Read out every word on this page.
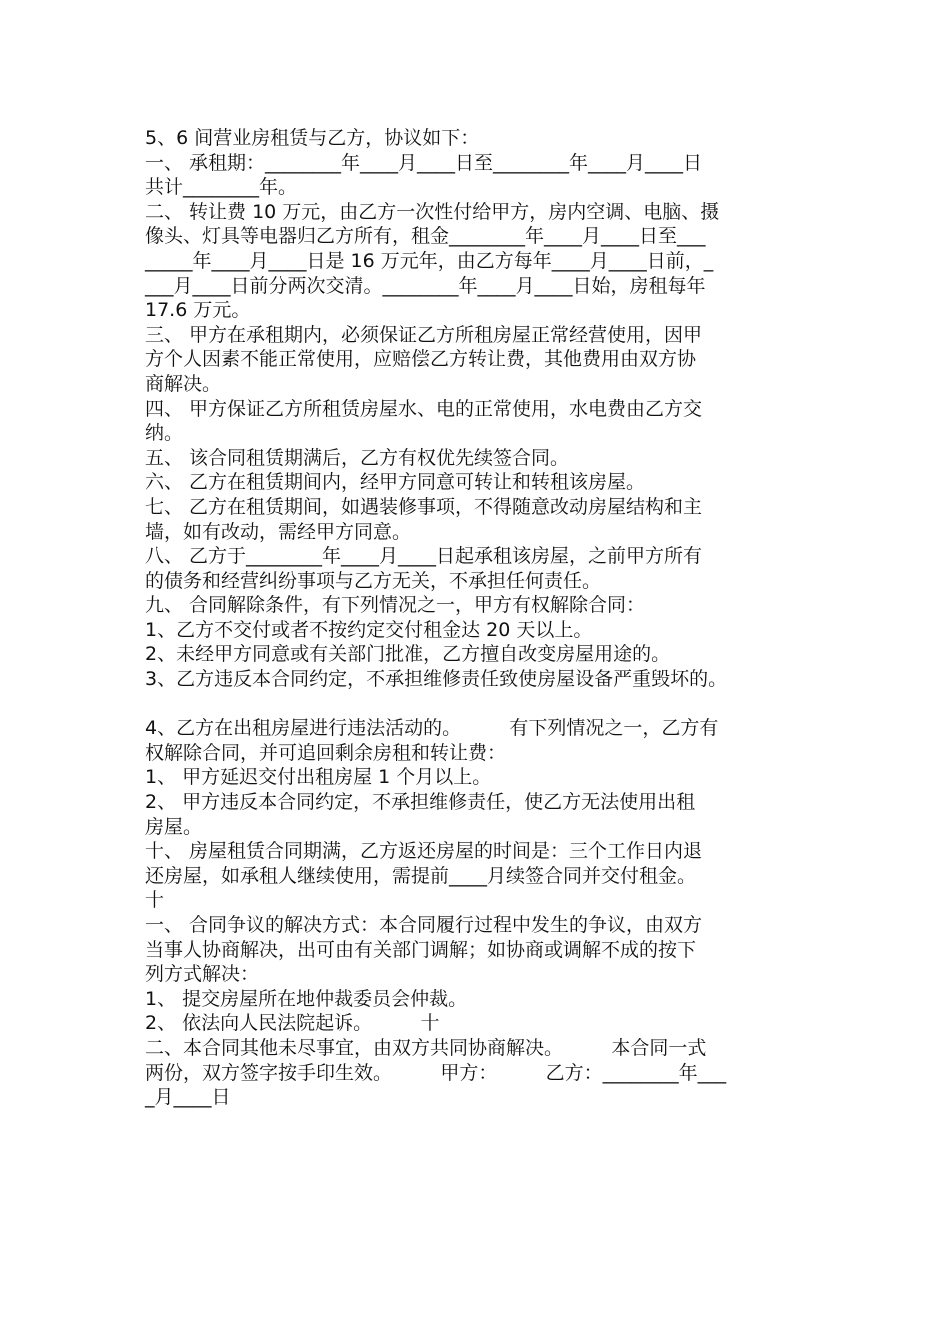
5、6 间营业房租赁与乙方，协议如下：
一、 承租期：________年____月____日至________年____月____日
共计________年。
二、 转让费 10 万元，由乙方一次性付给甲方，房内空调、电脑、摄
像头、灯具等电器归乙方所有，租金________年____月____日至___
_____年____月____日是 16 万元年，由乙方每年____月____日前，_
___月____日前分两次交清。________年____月____日始，房租每年
17.6 万元。
三、 甲方在承租期内，必须保证乙方所租房屋正常经营使用，因甲
方个人因素不能正常使用，应赔偿乙方转让费，其他费用由双方协
商解决。
四、 甲方保证乙方所租赁房屋水、电的正常使用，水电费由乙方交
纳。
五、 该合同租赁期满后，乙方有权优先续签合同。
六、 乙方在租赁期间内，经甲方同意可转让和转租该房屋。
七、 乙方在租赁期间，如遇装修事项，不得随意改动房屋结构和主
墙，如有改动，需经甲方同意。
八、 乙方于________年____月____日起承租该房屋，之前甲方所有
的债务和经营纠纷事项与乙方无关，不承担任何责任。
九、 合同解除条件，有下列情况之一，甲方有权解除合同：
1、乙方不交付或者不按约定交付租金达 20 天以上。
2、未经甲方同意或有关部门批准，乙方擅自改变房屋用途的。
3、乙方违反本合同约定，不承担维修责任致使房屋设备严重毁坏的。
4、乙方在出租房屋进行违法活动的。        有下列情况之一，乙方有
权解除合同，并可追回剩余房租和转让费：
1、 甲方延迟交付出租房屋 1 个月以上。
2、 甲方违反本合同约定，不承担维修责任，使乙方无法使用出租
房屋。
十、 房屋租赁合同期满，乙方返还房屋的时间是：三个工作日内退
还房屋，如承租人继续使用，需提前____月续签合同并交付租金。
十
一、 合同争议的解决方式：本合同履行过程中发生的争议，由双方
当事人协商解决，出可由有关部门调解；如协商或调解不成的按下
列方式解决：
1、 提交房屋所在地仲裁委员会仲裁。
2、 依法向人民法院起诉。        十
二、本合同其他未尽事宜，由双方共同协商解决。        本合同一式
两份，双方签字按手印生效。        甲方：        乙方：________年___
_月____日
